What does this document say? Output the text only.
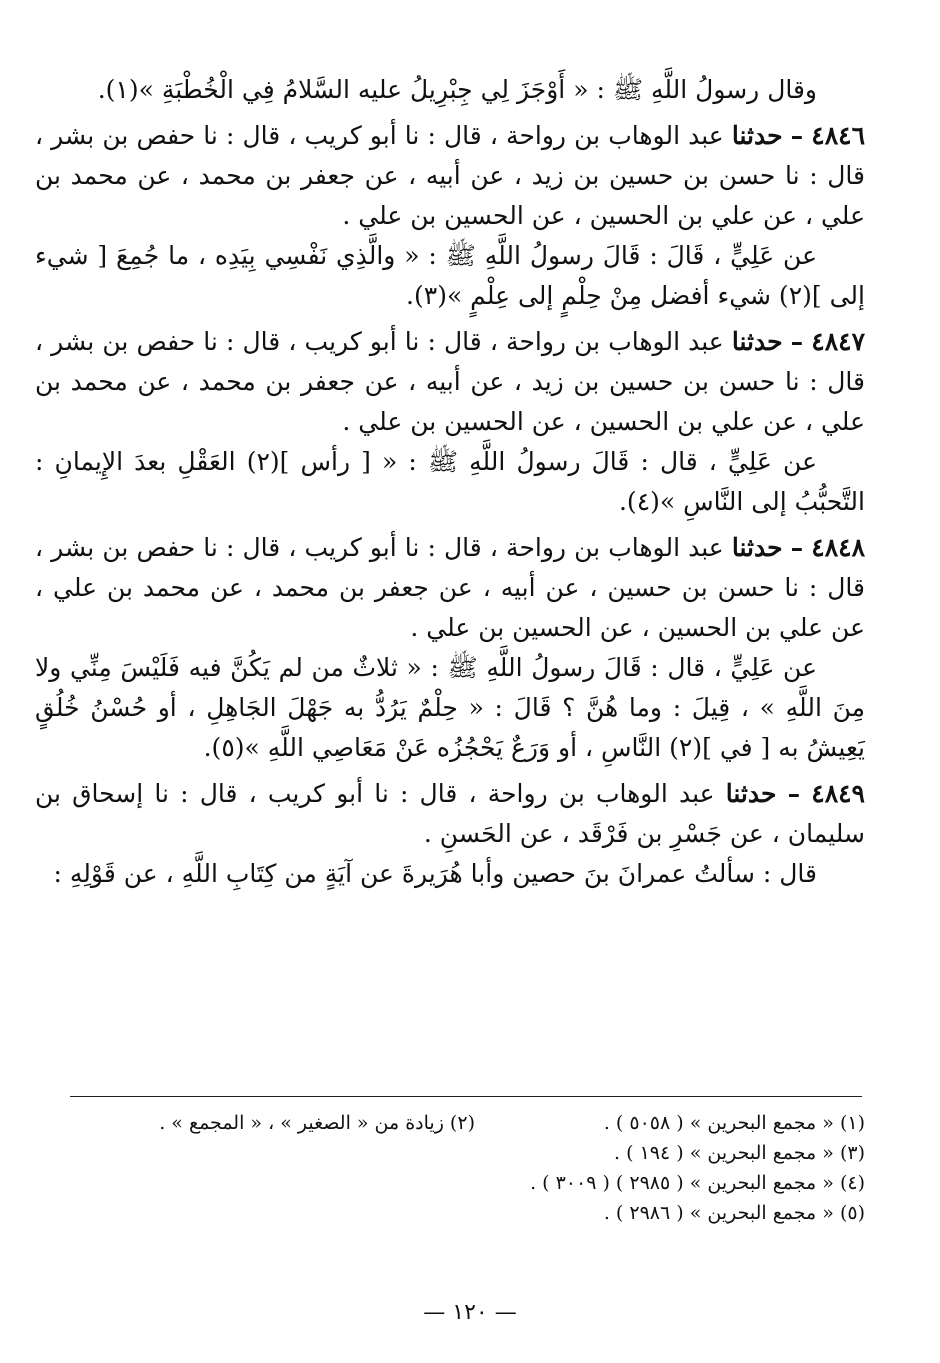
وقال رسولُ اللَّهِ ﷺ : « أَوْجَزَ لِي جِبْرِيلُ عليه السَّلامُ فِي الْخُطْبَةِ »(١).

٤٨٤٦ – حدثنا عبد الوهاب بن رواحة ، قال : نا أبو كريب ، قال : نا حفص بن بشر ، قال : نا حسن بن حسين بن زيد ، عن أبيه ، عن جعفر بن محمد ، عن محمد بن علي ، عن علي بن الحسين ، عن الحسين بن علي .

عن عَلِيٍّ ، قَالَ : قَالَ رسولُ اللَّهِ ﷺ : « والَّذِي نَفْسِي بِيَدِه ، ما جُمِعَ [ شيء إلى ](٢) شيء أفضل مِنْ حِلْمٍ إلى عِلْمٍ »(٣).

٤٨٤٧ – حدثنا عبد الوهاب بن رواحة ، قال : نا أبو كريب ، قال : نا حفص بن بشر ، قال : نا حسن بن حسين بن زيد ، عن أبيه ، عن جعفر بن محمد ، عن محمد بن علي ، عن علي بن الحسين ، عن الحسين بن علي .

عن عَلِيٍّ ، قال : قَالَ رسولُ اللَّهِ ﷺ : « [ رأس ](٢) العَقْلِ بعدَ الإِيمانِ : التَّحبُّبُ إلى النَّاسِ »(٤).

٤٨٤٨ – حدثنا عبد الوهاب بن رواحة ، قال : نا أبو كريب ، قال : نا حفص بن بشر ، قال : نا حسن بن حسين ، عن أبيه ، عن جعفر بن محمد ، عن محمد بن علي ، عن علي بن الحسين ، عن الحسين بن علي .

عن عَلِيٍّ ، قال : قَالَ رسولُ اللَّهِ ﷺ : « ثلاثٌ من لم يَكُنَّ فيه فَلَيْسَ مِنِّي ولا مِنَ اللَّهِ » ، قِيلَ : وما هُنَّ ؟ قَالَ : « حِلْمٌ يَرُدُّ به جَهْلَ الجَاهِلِ ، أو حُسْنُ خُلُقٍ يَعِيشُ به [ في ](٢) النَّاسِ ، أو وَرَعٌ يَحْجُزُه عَنْ مَعَاصِي اللَّهِ »(٥).

٤٨٤٩ – حدثنا عبد الوهاب بن رواحة ، قال : نا أبو كريب ، قال : نا إسحاق بن سليمان ، عن جَسْرِ بن فَرْقَد ، عن الحَسنِ .

قال : سألتُ عمرانَ بنَ حصين وأبا هُرَيرةَ عن آيَةٍ من كِتَابِ اللَّهِ ، عن قَوْلِهِ :

(١) « مجمع البحرين » ( ٥٠٥٨ ) .
(٢) زيادة من « الصغير » ، « المجمع » .
(٣) « مجمع البحرين » ( ١٩٤ ) .
(٤) « مجمع البحرين » ( ٢٩٨٥ ) ( ٣٠٠٩ ) .
(٥) « مجمع البحرين » ( ٢٩٨٦ ) .
— ١٢٠ —
